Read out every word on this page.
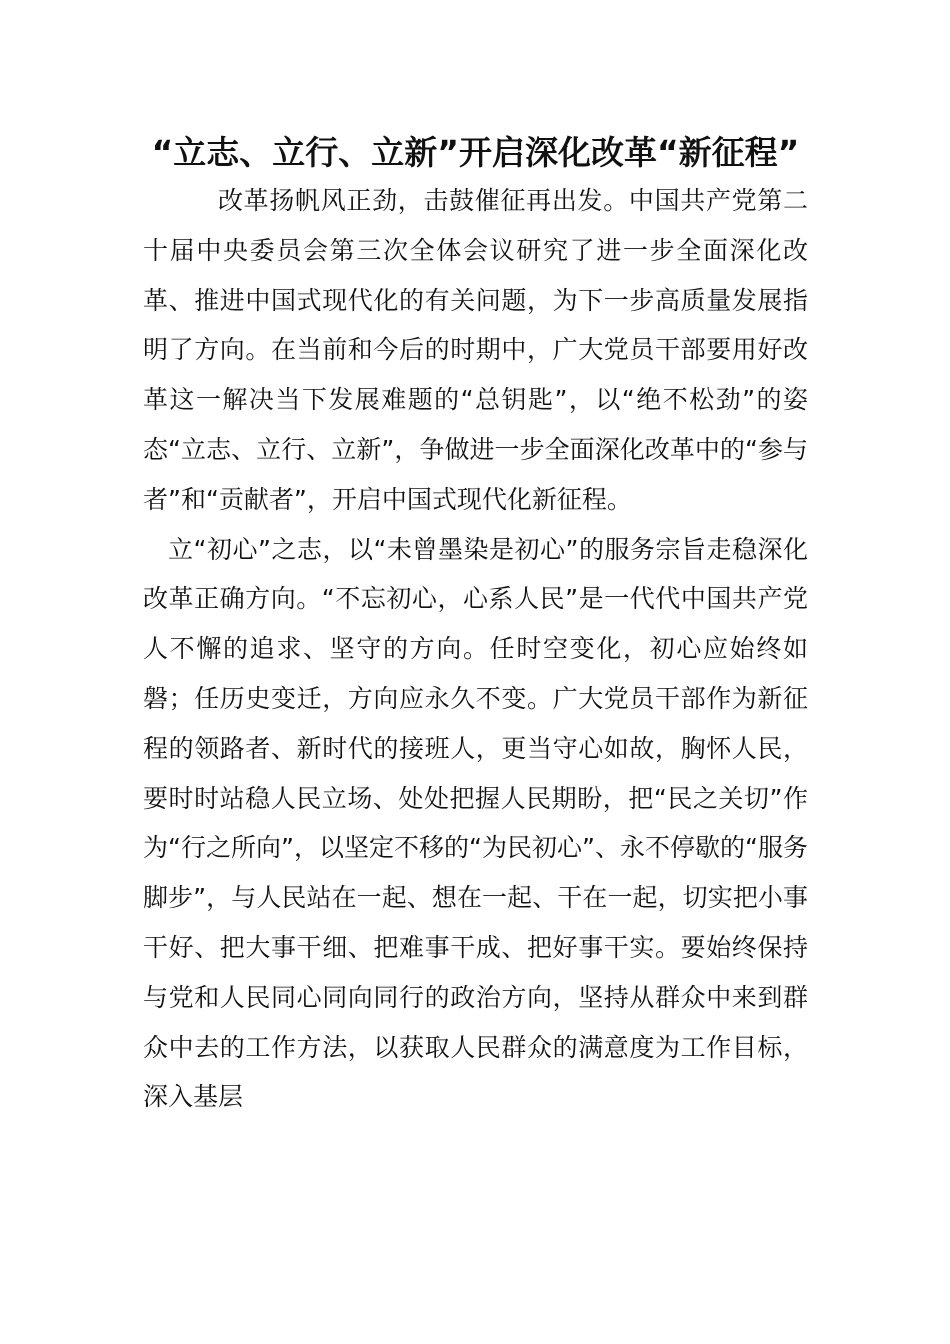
“立志、立行、立新”开启深化改革“新征程”

改革扬帆风正劲，击鼓催征再出发。中国共产党第二十届中央委员会第三次全体会议研究了进一步全面深化改革、推进中国式现代化的有关问题，为下一步高质量发展指明了方向。在当前和今后的时期中，广大党员干部要用好改革这一解决当下发展难题的“总钥匙”，以“绝不松劲”的姿态“立志、立行、立新”，争做进一步全面深化改革中的“参与者”和“贡献者”，开启中国式现代化新征程。

立“初心”之志，以“未曾墨染是初心”的服务宗旨走稳深化改革正确方向。“不忘初心，心系人民”是一代代中国共产党人不懈的追求、坚守的方向。任时空变化，初心应始终如磐；任历史变迁，方向应永久不变。广大党员干部作为新征程的领路者、新时代的接班人，更当守心如故，胸怀人民，要时时站稳人民立场、处处把握人民期盼，把“民之关切”作为“行之所向”，以坚定不移的“为民初心”、永不停歇的“服务脚步”，与人民站在一起、想在一起、干在一起，切实把小事干好、把大事干细、把难事干成、把好事干实。要始终保持与党和人民同心同向同行的政治方向，坚持从群众中来到群众中去的工作方法，以获取人民群众的满意度为工作目标，深入基层
